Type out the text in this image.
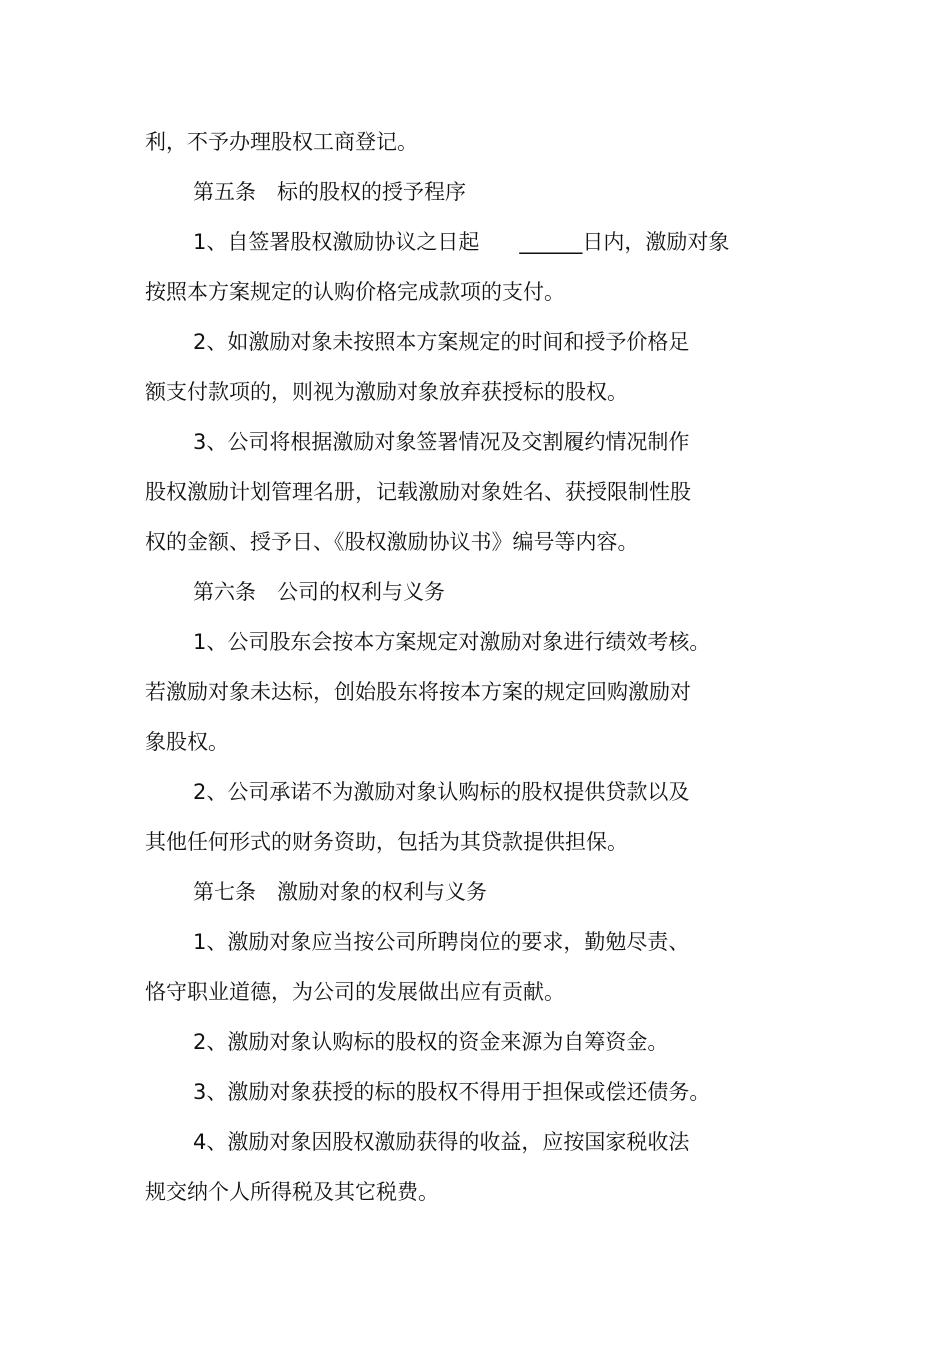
利，不予办理股权工商登记。
第五条　标的股权的授予程序
1、自签署股权激励协议之日起 ______日内，激励对象
按照本方案规定的认购价格完成款项的支付。
2、如激励对象未按照本方案规定的时间和授予价格足
额支付款项的，则视为激励对象放弃获授标的股权。
3、公司将根据激励对象签署情况及交割履约情况制作
股权激励计划管理名册，记载激励对象姓名、获授限制性股
权的金额、授予日、《股权激励协议书》编号等内容。
第六条　公司的权利与义务
1、公司股东会按本方案规定对激励对象进行绩效考核。
若激励对象未达标，创始股东将按本方案的规定回购激励对
象股权。
2、公司承诺不为激励对象认购标的股权提供贷款以及
其他任何形式的财务资助，包括为其贷款提供担保。
第七条　激励对象的权利与义务
1、激励对象应当按公司所聘岗位的要求，勤勉尽责、
恪守职业道德，为公司的发展做出应有贡献。
2、激励对象认购标的股权的资金来源为自筹资金。
3、激励对象获授的标的股权不得用于担保或偿还债务。
4、激励对象因股权激励获得的收益，应按国家税收法
规交纳个人所得税及其它税费。
